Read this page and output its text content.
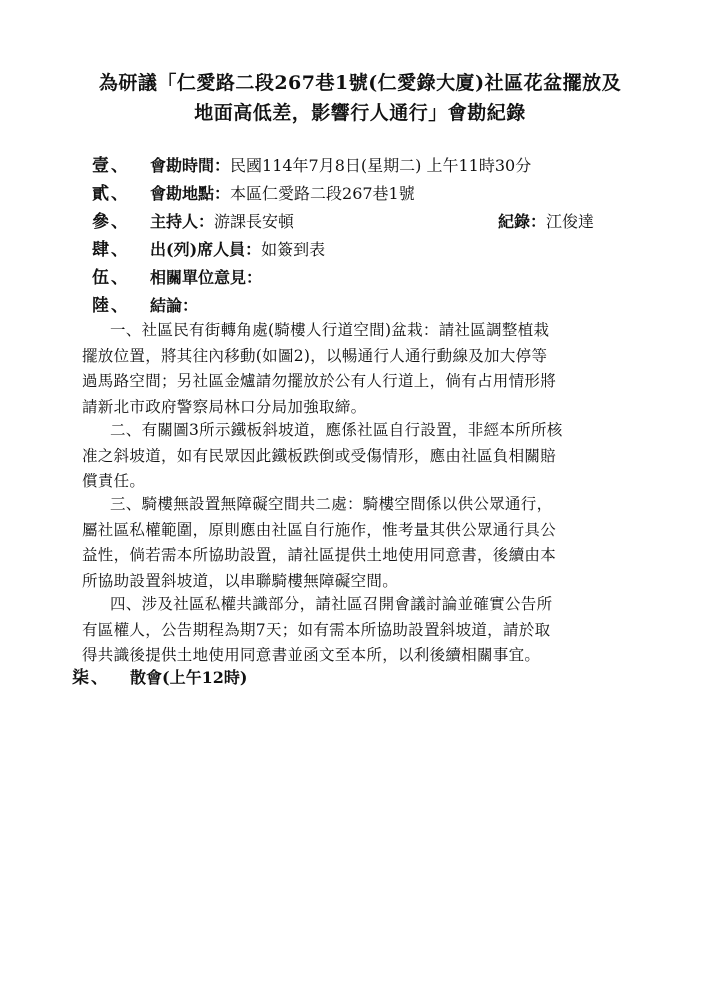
為研議「仁愛路二段267巷1號(仁愛錄大廈)社區花盆擺放及
地面高低差，影響行人通行」會勘紀錄
壹、 會勘時間：民國114年7月8日(星期二) 上午11時30分
貳、 會勘地點：本區仁愛路二段267巷1號
參、 主持人：游課長安頓	紀錄：江俊達
肆、 出(列)席人員：如簽到表
伍、 相關單位意見：
陸、 結論：
一、社區民有街轉角處(騎樓人行道空間)盆栽：請社區調整植栽
擺放位置，將其往內移動(如圖2)，以暢通行人通行動線及加大停等
過馬路空間；另社區金爐請勿擺放於公有人行道上，倘有占用情形將
請新北市政府警察局林口分局加強取締。
二、有關圖3所示鐵板斜坡道，應係社區自行設置，非經本所所核
准之斜坡道，如有民眾因此鐵板跌倒或受傷情形，應由社區負相關賠
償責任。
三、騎樓無設置無障礙空間共二處：騎樓空間係以供公眾通行，
屬社區私權範圍，原則應由社區自行施作，惟考量其供公眾通行具公
益性，倘若需本所協助設置，請社區提供土地使用同意書，後續由本
所協助設置斜坡道，以串聯騎樓無障礙空間。
四、涉及社區私權共識部分，請社區召開會議討論並確實公告所
有區權人，公告期程為期7天；如有需本所協助設置斜坡道，請於取
得共識後提供土地使用同意書並函文至本所，以利後續相關事宜。
柒、 散會(上午12時)
